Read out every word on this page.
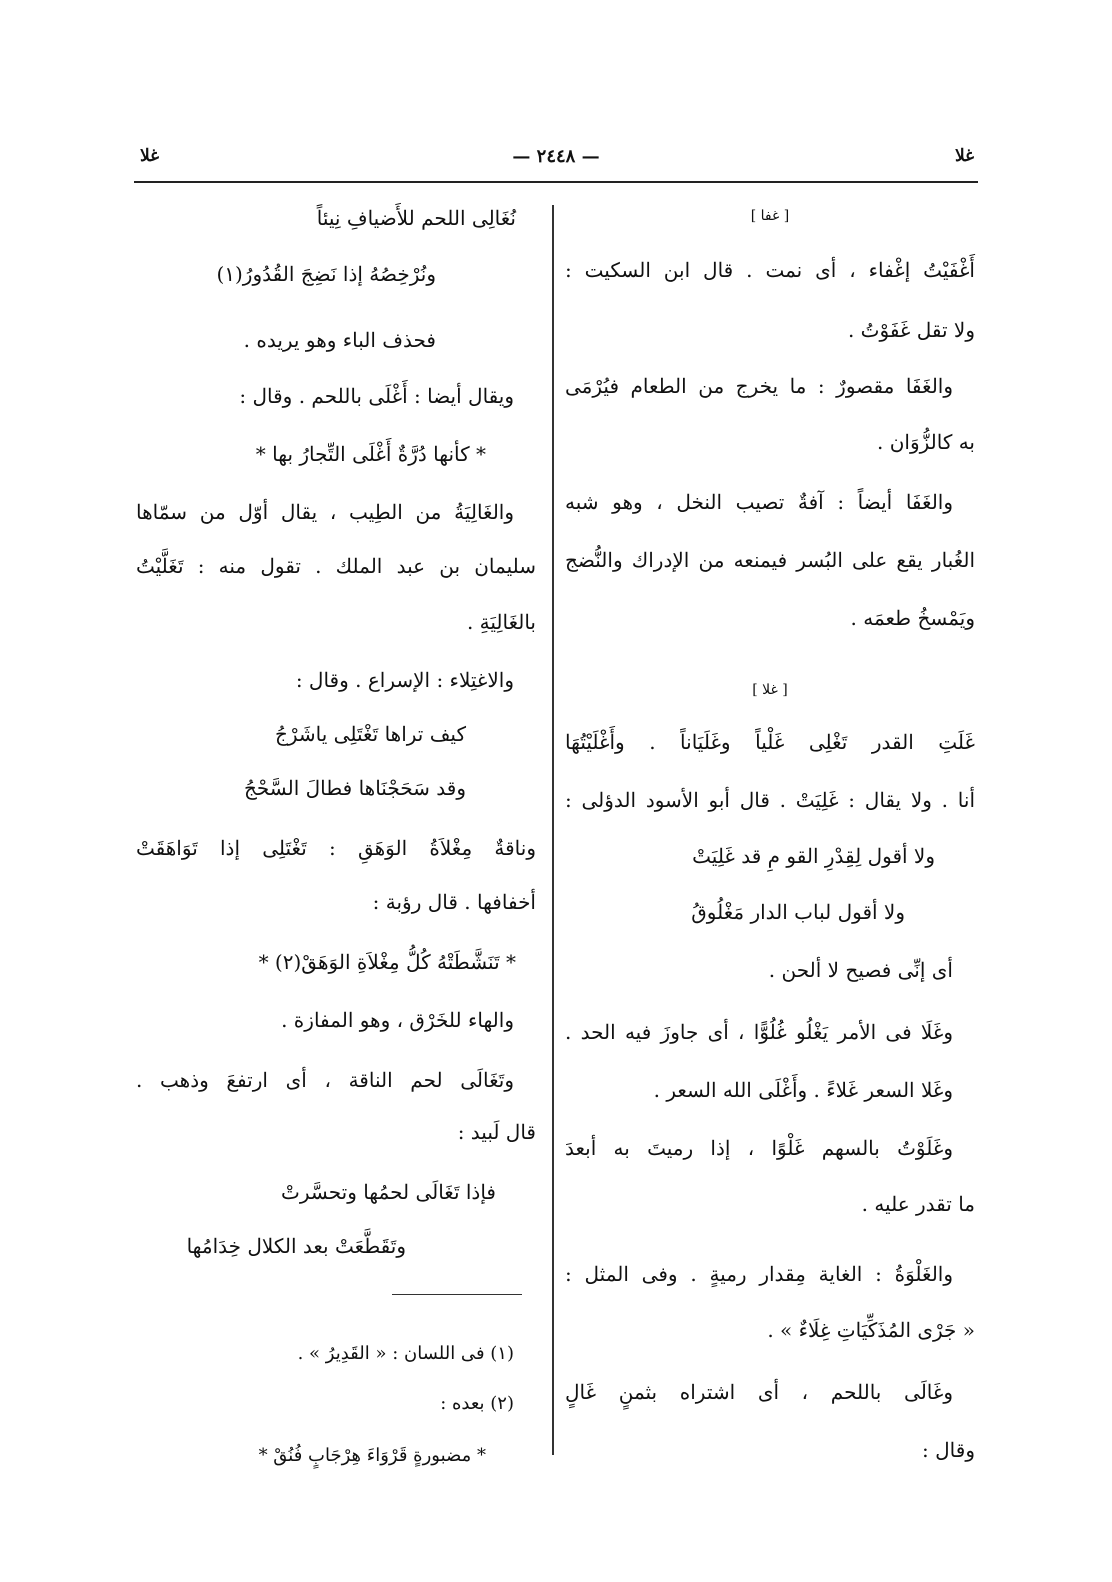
غلا
— ٢٤٤٨ —
غلا
[ غفا ]
أَغْفَيْتُ إغْفاء ، أى نمت . قال ابن السكيت :
ولا تقل غَفَوْتُ .
والغَفَا مقصورٌ : ما يخرج من الطعام فيُرْمَى
به كالزُّوَان .
والغَفَا أيضاً : آفةٌ تصيب النخل ، وهو شبه
الغُبار يقع على البُسر فيمنعه من الإدراك والنُّضج
ويَمْسخُ طعمَه .
[ غلا ]
غَلَتِ القدر تَغْلِى غَلْياً وغَلَيَاناً . وأَغْلَيْتُهَا
أنا . ولا يقال : غَلِيَتْ . قال أبو الأسود الدؤلى :
ولا أقول لِقِدْرِ القو مِ قد غَلِيَتْ
ولا أقول لباب الدار مَغْلُوقُ
أى إنِّى فصيح لا ألحن .
وغَلَا فى الأمر يَغْلُو غُلُوًّا ، أى جاوزَ فيه الحد .
وغَلا السعر غَلاءً . وأَغْلَى الله السعر .
وغَلَوْتُ بالسهم غَلْوًا ، إذا رميتَ به أبعدَ
ما تقدر عليه .
والغَلْوَةُ : الغاية مِقدار رميةٍ . وفى المثل :
« جَرْى المُذَكِّيَاتِ غِلَاءٌ » .
وغَالَى باللحم ، أى اشتراه بثمنٍ غَالٍ
وقال :
نُغَالِى اللحم للأَضيافِ نِيئاً
ونُرْخِصُهُ إذا نَضِجَ القُدُورُ(١)
فحذف الباء وهو يريده .
ويقال أيضا : أَغْلَى باللحم . وقال :
* كأنها دُرَّةٌ أَغْلَى التِّجارُ بها *
والغَالِيَةُ من الطِيب ، يقال أوّل من سمّاها
سليمان بن عبد الملك . تقول منه : تَغَلَّيْتُ
بالغَالِيَةِ .
والاغتِلاء : الإسراع . وقال :
كيف تراها تَغْتَلِى ياشَرْجُ
وقد سَحَجْنَاها فطالَ السَّحْجُ
وناقةٌ مِغْلاَةُ الوَهَقِ : تَغْتَلِى إذا تَوَاهَقَتْ
أخفافها . قال رؤبة :
* تَنَشَّطَتْهُ كُلُّ مِغْلاَةِ الوَهَقْ(٢) *
والهاء للخَرْق ، وهو المفازة .
وتَغَالَى لحم الناقة ، أى ارتفعَ وذهب .
قال لَبيد :
فإذا تَغَالَى لحمُها وتحسَّرتْ
وتَقَطَّعَتْ بعد الكلال خِدَامُها
(١) فى اللسان : « القَدِيرُ » .
(٢) بعده :
* مضبورةٍ قَرْوَاءَ هِرْجَابٍ فُنُقْ *
